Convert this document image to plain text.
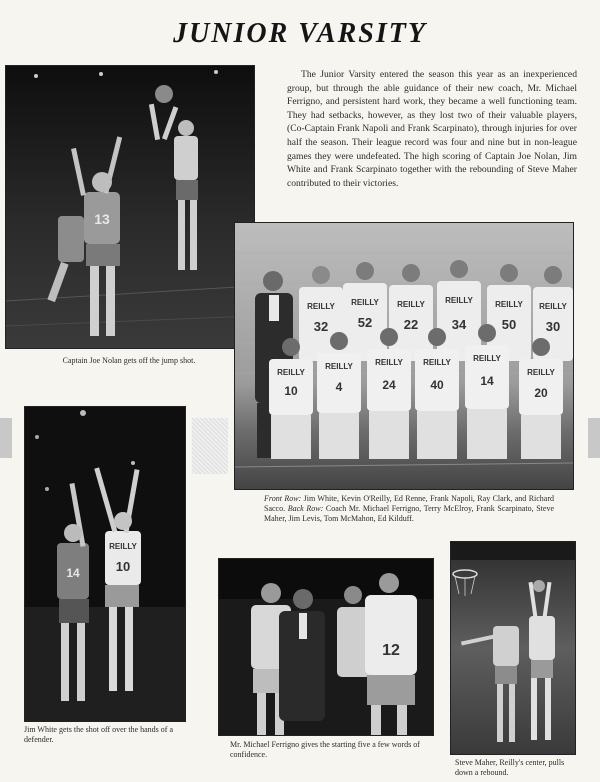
JUNIOR VARSITY

The Junior Varsity entered the season this year as an inexperienced group, but through the able guidance of their new coach, Mr. Michael Ferrigno, and persistent hard work, they became a well functioning team. They had setbacks, however, as they lost two of their valuable players, (Co-Captain Frank Napoli and Frank Scarpinato), through injuries for over half the season. Their league record was four and nine but in non-league games they were undefeated. The high scoring of Captain Joe Nolan, Jim White and Frank Scarpinato together with the rebounding of Steve Maher contributed to their victories.

13
Captain Joe Nolan gets off the jump shot.
REILLY
32
REILLY
52
REILLY
22
REILLY
34
REILLY
50
REILLY
30
REILLY
10
REILLY
4
REILLY
24
REILLY
40
REILLY
14
REILLY
20
Front Row: Jim White, Kevin O'Reilly, Ed Renne, Frank Napoli, Ray Clark, and Richard Sacco. Back Row: Coach Mr. Michael Ferrigno, Terry McElroy, Frank Scarpinato, Steve Maher, Jim Levis, Tom McMahon, Ed Kilduff.
14
REILLY
10
Jim White gets the shot off over the hands of a defender.
12
Mr. Michael Ferrigno gives the starting five a few words of confidence.
Steve Maher, Reilly's center, pulls down a rebound.
